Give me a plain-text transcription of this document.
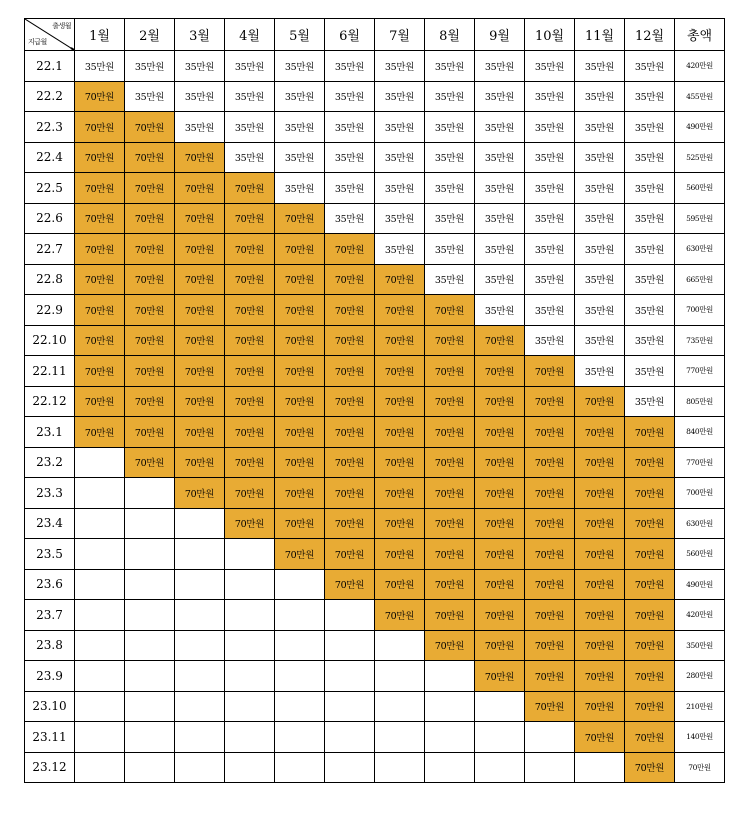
출생월
지급월	1월	2월	3월	4월	5월	6월	7월	8월	9월	10월	11월	12월	총액
22.1	35만원	35만원	35만원	35만원	35만원	35만원	35만원	35만원	35만원	35만원	35만원	35만원	420만원
22.2	70만원	35만원	35만원	35만원	35만원	35만원	35만원	35만원	35만원	35만원	35만원	35만원	455만원
22.3	70만원	70만원	35만원	35만원	35만원	35만원	35만원	35만원	35만원	35만원	35만원	35만원	490만원
22.4	70만원	70만원	70만원	35만원	35만원	35만원	35만원	35만원	35만원	35만원	35만원	35만원	525만원
22.5	70만원	70만원	70만원	70만원	35만원	35만원	35만원	35만원	35만원	35만원	35만원	35만원	560만원
22.6	70만원	70만원	70만원	70만원	70만원	35만원	35만원	35만원	35만원	35만원	35만원	35만원	595만원
22.7	70만원	70만원	70만원	70만원	70만원	70만원	35만원	35만원	35만원	35만원	35만원	35만원	630만원
22.8	70만원	70만원	70만원	70만원	70만원	70만원	70만원	35만원	35만원	35만원	35만원	35만원	665만원
22.9	70만원	70만원	70만원	70만원	70만원	70만원	70만원	70만원	35만원	35만원	35만원	35만원	700만원
22.10	70만원	70만원	70만원	70만원	70만원	70만원	70만원	70만원	70만원	35만원	35만원	35만원	735만원
22.11	70만원	70만원	70만원	70만원	70만원	70만원	70만원	70만원	70만원	70만원	35만원	35만원	770만원
22.12	70만원	70만원	70만원	70만원	70만원	70만원	70만원	70만원	70만원	70만원	70만원	35만원	805만원
23.1	70만원	70만원	70만원	70만원	70만원	70만원	70만원	70만원	70만원	70만원	70만원	70만원	840만원
23.2		70만원	70만원	70만원	70만원	70만원	70만원	70만원	70만원	70만원	70만원	70만원	770만원
23.3			70만원	70만원	70만원	70만원	70만원	70만원	70만원	70만원	70만원	70만원	700만원
23.4				70만원	70만원	70만원	70만원	70만원	70만원	70만원	70만원	70만원	630만원
23.5					70만원	70만원	70만원	70만원	70만원	70만원	70만원	70만원	560만원
23.6						70만원	70만원	70만원	70만원	70만원	70만원	70만원	490만원
23.7							70만원	70만원	70만원	70만원	70만원	70만원	420만원
23.8								70만원	70만원	70만원	70만원	70만원	350만원
23.9									70만원	70만원	70만원	70만원	280만원
23.10										70만원	70만원	70만원	210만원
23.11											70만원	70만원	140만원
23.12												70만원	70만원
